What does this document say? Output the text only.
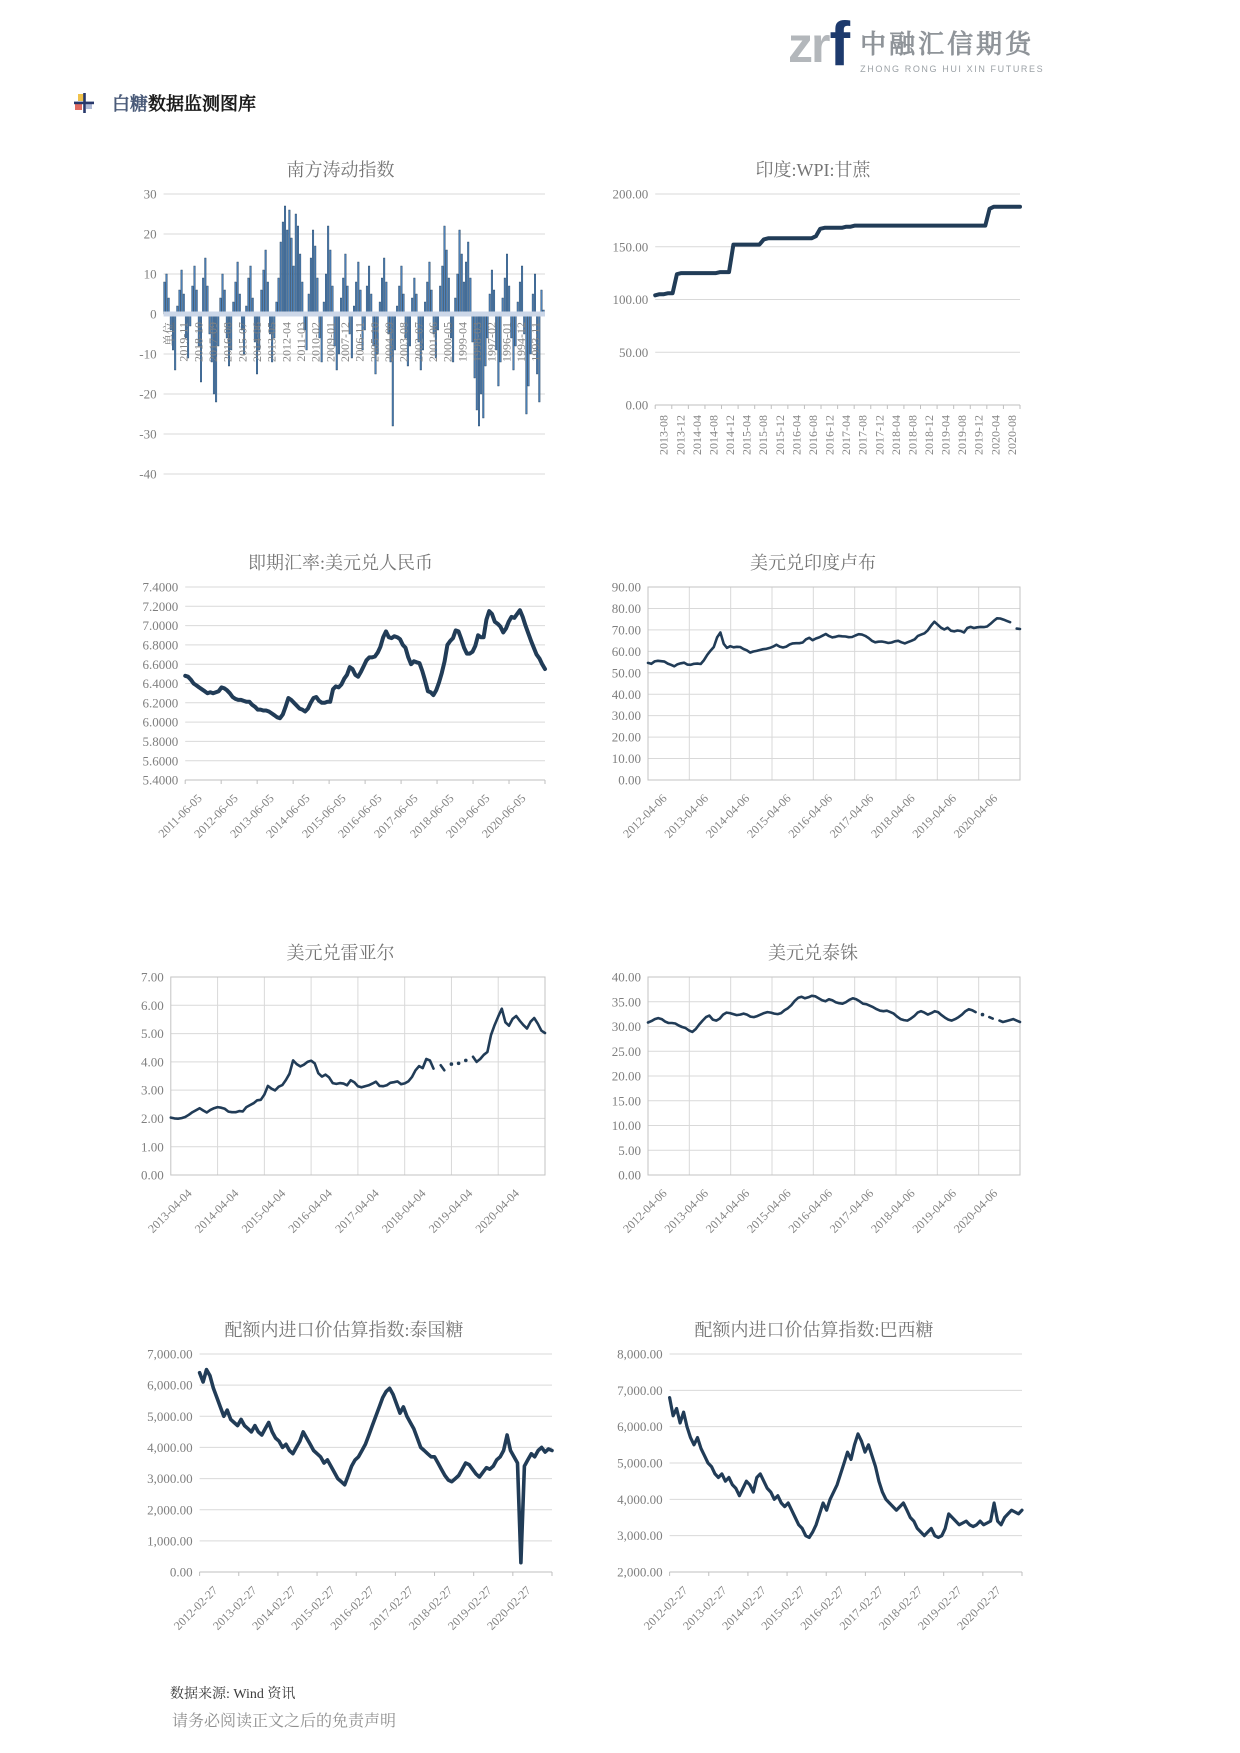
zr f 中融汇信期货
ZHONG RONG HUI XIN FUTURES
白糖数据监测图库
南方涛动指数
30
20
10
0
-10
-20
-30
-40
单位 2019-11 2018-10 2017-09 2016-08 2015-07 2014-06 2013-05 2012-04 2011-03 2010-02 2009-01 2007-12 2006-11 2005-10 2004-09 2003-08 2002-07 2001-06 2000-05 1999-04 1998-03 1997-02 1996-01 1994-12 1993-11
印度:WPI:甘蔗
200.00
150.00
100.00
50.00
0.00
2013-08 2013-12 2014-04 2014-08 2014-12 2015-04 2015-08 2015-12 2016-04 2016-08 2016-12 2017-04 2017-08 2017-12 2018-04 2018-08 2018-12 2019-04 2019-08 2019-12 2020-04 2020-08
即期汇率:美元兑人民币
7.4000
7.2000
7.0000
6.8000
6.6000
6.4000
6.2000
6.0000
5.8000
5.6000
5.4000
2011-06-05
2012-06-05
2013-06-05
2014-06-05
2015-06-05
2016-06-05
2017-06-05
2018-06-05
2019-06-05
2020-06-05
美元兑印度卢布
90.00
80.00
70.00
60.00
50.00
40.00
30.00
20.00
10.00
0.00
2012-04-06
2013-04-06
2014-04-06
2015-04-06
2016-04-06
2017-04-06
2018-04-06
2019-04-06
2020-04-06
美元兑雷亚尔
7.00
6.00
5.00
4.00
3.00
2.00
1.00
0.00
2013-04-04
2014-04-04
2015-04-04
2016-04-04
2017-04-04
2018-04-04
2019-04-04
2020-04-04
美元兑泰铢
40.00
35.00
30.00
25.00
20.00
15.00
10.00
5.00
0.00
2012-04-06
2013-04-06
2014-04-06
2015-04-06
2016-04-06
2017-04-06
2018-04-06
2019-04-06
2020-04-06
配额内进口价估算指数:泰国糖
7,000.00
6,000.00
5,000.00
4,000.00
3,000.00
2,000.00
1,000.00
0.00
2012-02-27
2013-02-27
2014-02-27
2015-02-27
2016-02-27
2017-02-27
2018-02-27
2019-02-27
2020-02-27
配额内进口价估算指数:巴西糖
8,000.00
7,000.00
6,000.00
5,000.00
4,000.00
3,000.00
2,000.00
2012-02-27
2013-02-27
2014-02-27
2015-02-27
2016-02-27
2017-02-27
2018-02-27
2019-02-27
2020-02-27
数据来源: Wind 资讯
请务必阅读正文之后的免责声明
